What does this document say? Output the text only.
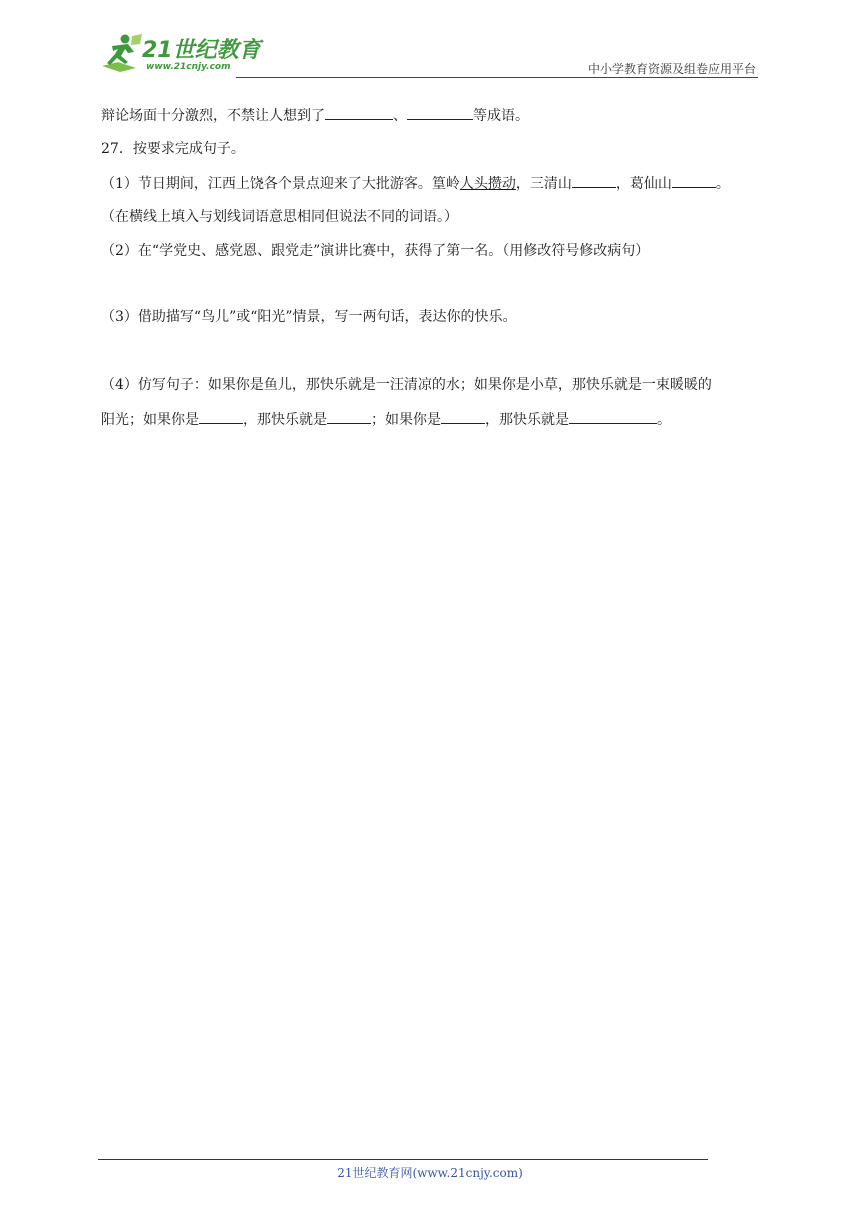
21世纪教育
www.21cnjy.com	中小学教育资源及组卷应用平台
辩论场面十分激烈，不禁让人想到了	、	等成语。
27．按要求完成句子。
（1）节日期间，江西上饶各个景点迎来了大批游客。篁岭人头攒动，三清山	，葛仙山	。
（在横线上填入与划线词语意思相同但说法不同的词语。）
（2）在“学党史、感党恩、跟党走”演讲比赛中，获得了第一名。（用修改符号修改病句）
（3）借助描写“鸟儿”或“阳光”情景，写一两句话，表达你的快乐。
（4）仿写句子：如果你是鱼儿，那快乐就是一汪清凉的水；如果你是小草，那快乐就是一束暖暖的
阳光；如果你是	，那快乐就是	；如果你是	，那快乐就是	。
21世纪教育网(www.21cnjy.com)
